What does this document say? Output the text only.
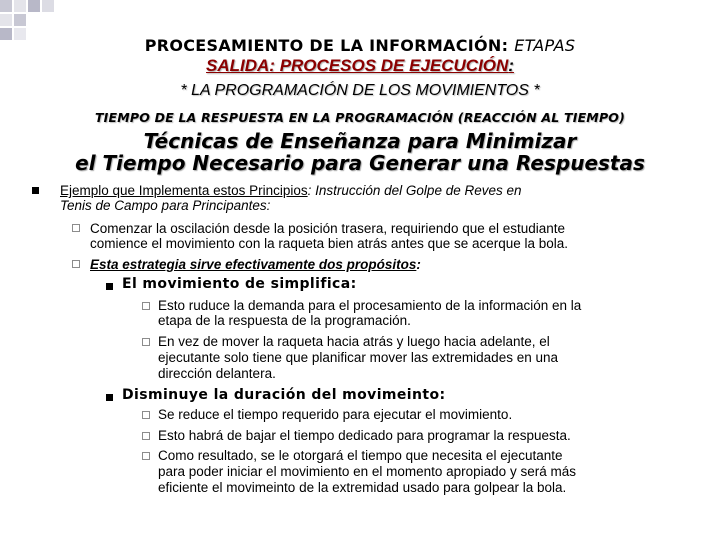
PROCESAMIENTO DE LA INFORMACIÓN: ETAPAS
SALIDA: PROCESOS DE EJECUCIÓN:
* LA PROGRAMACIÓN DE LOS MOVIMIENTOS *
TIEMPO DE LA RESPUESTA EN LA PROGRAMACIÓN (REACCIÓN AL TIEMPO)
Técnicas de Enseñanza para Minimizar
el Tiempo Necesario para Generar una Respuestas
Ejemplo que Implementa estos Principios: Instrucción del Golpe de Reves en
Tenis de Campo para Principantes:
Comenzar la oscilación desde la posición trasera, requiriendo que el estudiante
comience el movimiento con la raqueta bien atrás antes que se acerque la bola.
Esta estrategia sirve efectivamente dos propósitos:
El movimiento de simplifica:
Esto ruduce la demanda para el procesamiento de la información en la
etapa de la respuesta de la programación.
En vez de mover la raqueta hacia atrás y luego hacia adelante, el
ejecutante solo tiene que planificar mover las extremidades en una
dirección delantera.
Disminuye la duración del movimeinto:
Se reduce el tiempo requerido para ejecutar el movimiento.
Esto habrá de bajar el tiempo dedicado para programar la respuesta.
Como resultado, se le otorgará el tiempo que necesita el ejecutante
para poder iniciar el movimiento en el momento apropiado y será más
eficiente el movimeinto de la extremidad usado para golpear la bola.
